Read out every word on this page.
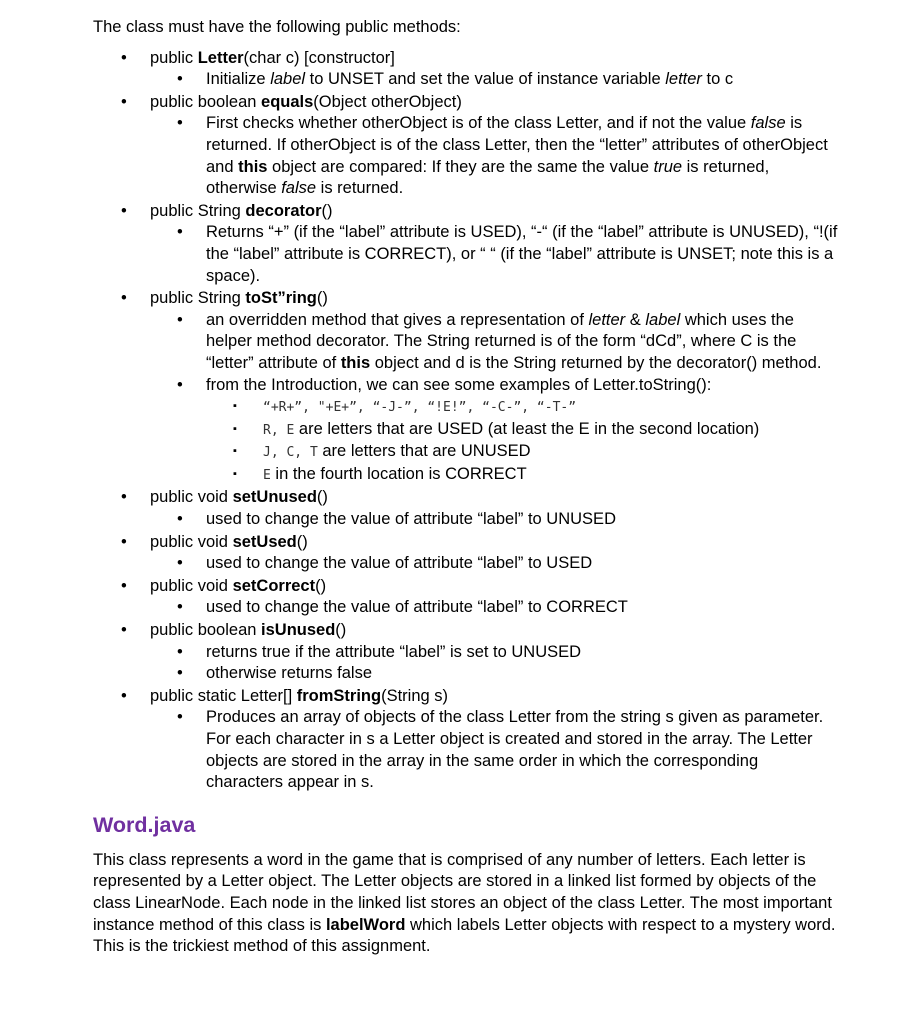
The class must have the following public methods:

• public Letter(char c) [constructor]
• Initialize label to UNSET and set the value of instance variable letter to c
• public boolean equals(Object otherObject)
• First checks whether otherObject is of the class Letter, and if not the value false is returned. If otherObject is of the class Letter, then the “letter” attributes of otherObject and this object are compared: If they are the same the value true is returned, otherwise false is returned.
• public String decorator()
• Returns “+” (if the “label” attribute is USED), “-“ (if the “label” attribute is UNUSED), “!(if the “label” attribute is CORRECT), or “ “ (if the “label” attribute is UNSET; note this is a space).
• public String toSt”ring()
• an overridden method that gives a representation of letter & label which uses the helper method decorator. The String returned is of the form “dCd”, where C is the “letter” attribute of this object and d is the String returned by the decorator() method.
• from the Introduction, we can see some examples of Letter.toString():
▪ “+R+”, "+E+”, “-J-”, “!E!”, “-C-”, “-T-”
▪ R, E are letters that are USED (at least the E in the second location)
▪ J, C, T are letters that are UNUSED
▪ E in the fourth location is CORRECT
• public void setUnused()
• used to change the value of attribute “label” to UNUSED
• public void setUsed()
• used to change the value of attribute “label” to USED
• public void setCorrect()
• used to change the value of attribute “label” to CORRECT
• public boolean isUnused()
• returns true if the attribute “label” is set to UNUSED
• otherwise returns false
• public static Letter[] fromString(String s)
• Produces an array of objects of the class Letter from the string s given as parameter. For each character in s a Letter object is created and stored in the array. The Letter objects are stored in the array in the same order in which the corresponding characters appear in s.
Word.java

This class represents a word in the game that is comprised of any number of letters. Each letter is represented by a Letter object. The Letter objects are stored in a linked list formed by objects of the class LinearNode. Each node in the linked list stores an object of the class Letter. The most important instance method of this class is labelWord which labels Letter objects with respect to a mystery word. This is the trickiest method of this assignment.
